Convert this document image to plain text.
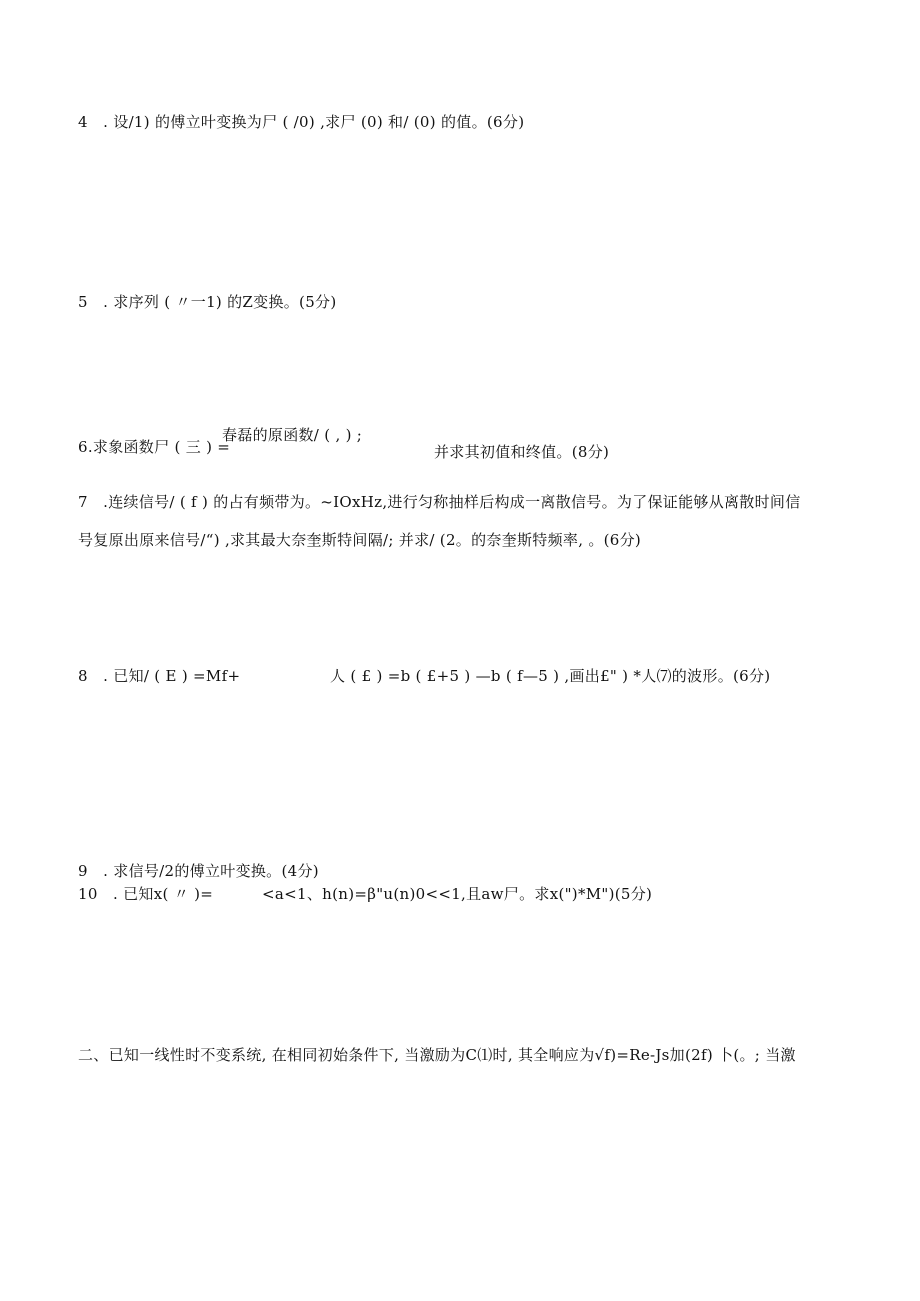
4　. 设/1) 的傅立叶变换为尸 ( /0) ,求尸 (0) 和/ (0) 的值。(6分)
5　. 求序列 ( 〃一1) 的Z变换。(5分)
6.求象函数尸 ( 三 ) =
春磊的原函数/ ( , ) ;
并求其初值和终值。(8分)
7　.连续信号/ ( f ) 的占有频带为。~IOxHz,进行匀称抽样后构成一离散信号。为了保证能够从离散时间信
号复原出原来信号/“) ,求其最大奈奎斯特间隔/; 并求/ (2。的奈奎斯特频率, 。(6分)
8　. 已知/ ( E ) =Mf+	人 ( £ ) =b ( £+5 ) —b ( f—5 ) ,画出£" ) *人⑺的波形。(6分)
9　. 求信号/2的傅立叶变换。(4分)
10　. 已知x( 〃 )=	<a<1、h(n)=β"u(n)0<<1,且aw尸。求x(")*M")(5分)
二、已知一线性时不变系统, 在相同初始条件下, 当激励为C⑴时, 其全响应为√f)=Re-Js加(2f) 卜(。; 当激
